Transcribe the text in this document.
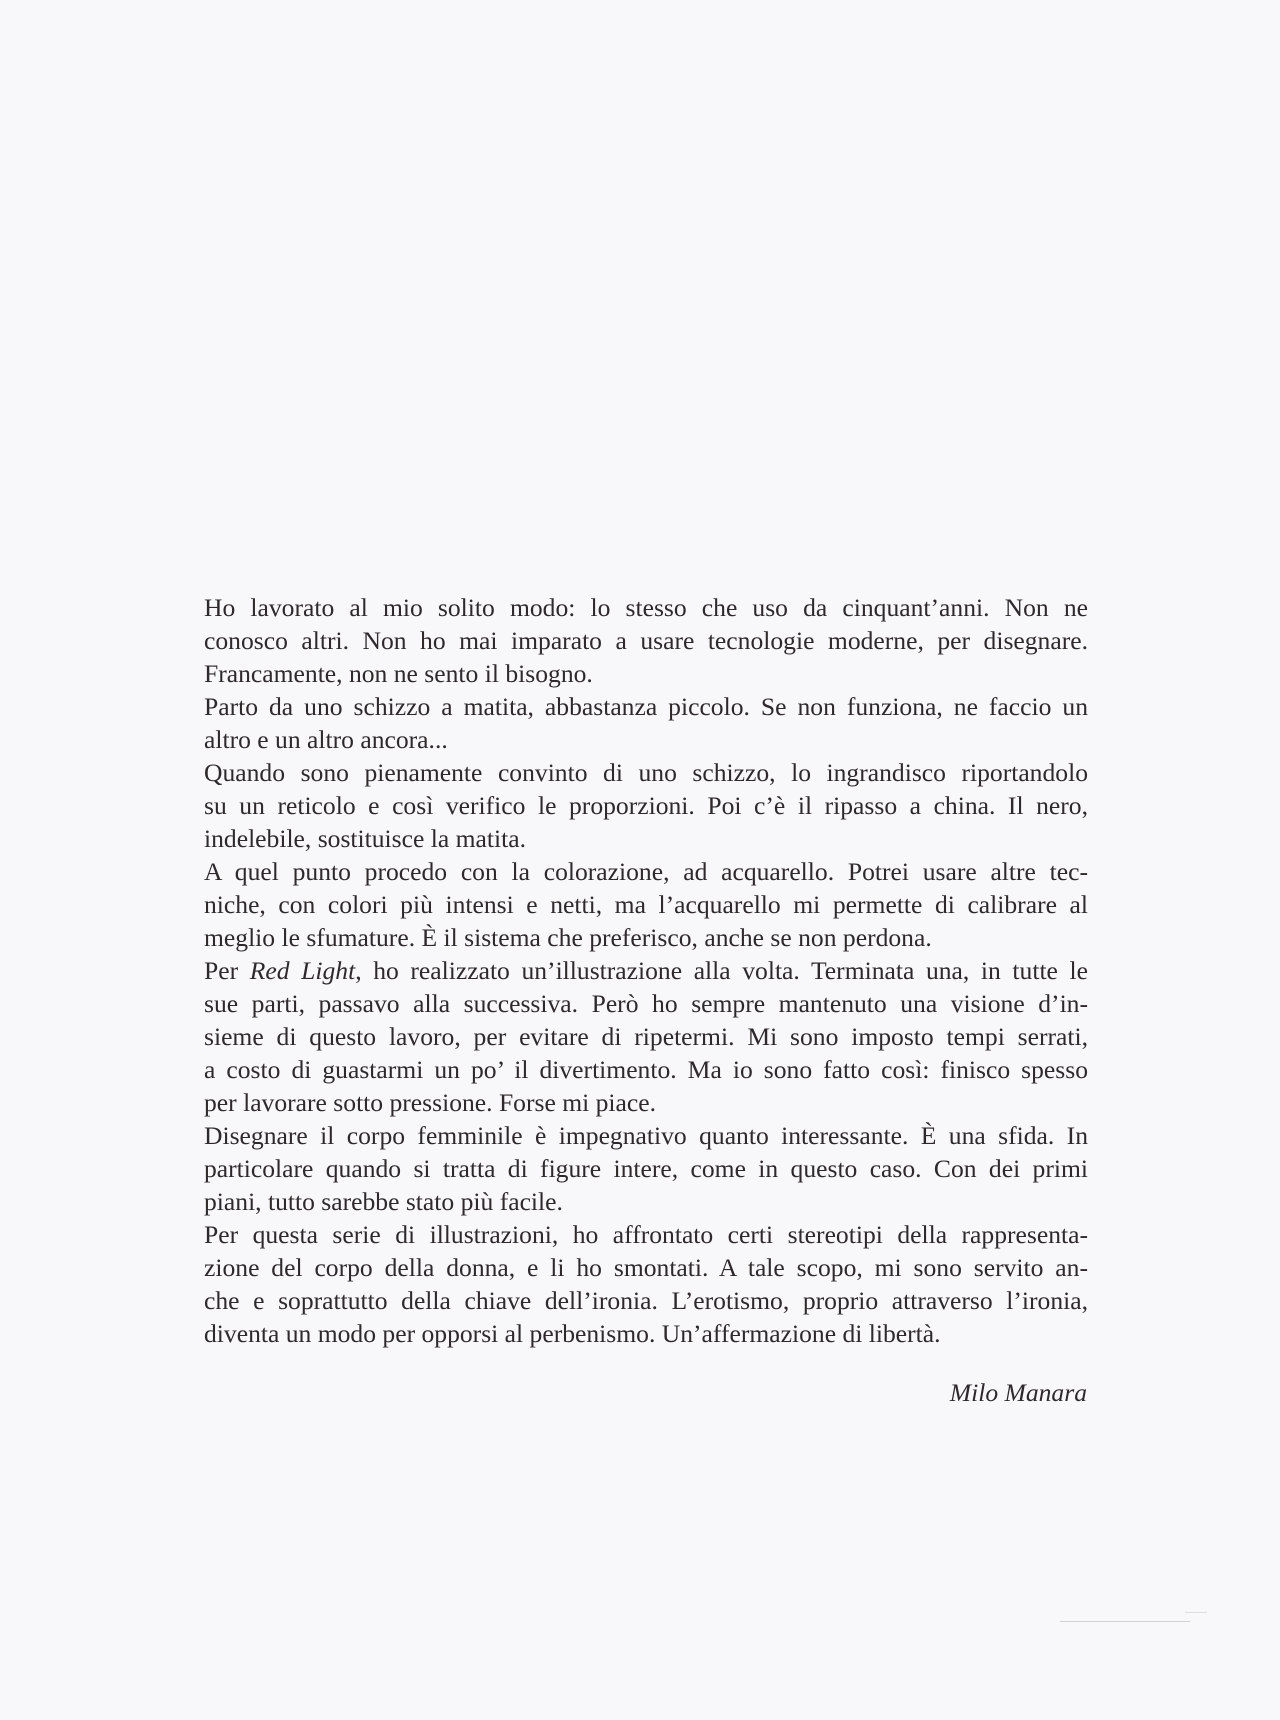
Ho lavorato al mio solito modo: lo stesso che uso da cinquant’anni. Non ne
conosco altri. Non ho mai imparato a usare tecnologie moderne, per disegnare.
Francamente, non ne sento il bisogno.
Parto da uno schizzo a matita, abbastanza piccolo. Se non funziona, ne faccio un
altro e un altro ancora...
Quando sono pienamente convinto di uno schizzo, lo ingrandisco riportandolo
su un reticolo e così verifico le proporzioni. Poi c’è il ripasso a china. Il nero,
indelebile, sostituisce la matita.
A quel punto procedo con la colorazione, ad acquarello. Potrei usare altre tec-
niche, con colori più intensi e netti, ma l’acquarello mi permette di calibrare al
meglio le sfumature. È il sistema che preferisco, anche se non perdona.
Per Red Light, ho realizzato un’illustrazione alla volta. Terminata una, in tutte le
sue parti, passavo alla successiva. Però ho sempre mantenuto una visione d’in-
sieme di questo lavoro, per evitare di ripetermi. Mi sono imposto tempi serrati,
a costo di guastarmi un po’ il divertimento. Ma io sono fatto così: finisco spesso
per lavorare sotto pressione. Forse mi piace.
Disegnare il corpo femminile è impegnativo quanto interessante. È una sfida. In
particolare quando si tratta di figure intere, come in questo caso. Con dei primi
piani, tutto sarebbe stato più facile.
Per questa serie di illustrazioni, ho affrontato certi stereotipi della rappresenta-
zione del corpo della donna, e li ho smontati. A tale scopo, mi sono servito an-
che e soprattutto della chiave dell’ironia. L’erotismo, proprio attraverso l’ironia,
diventa un modo per opporsi al perbenismo. Un’affermazione di libertà.
Milo Manara
